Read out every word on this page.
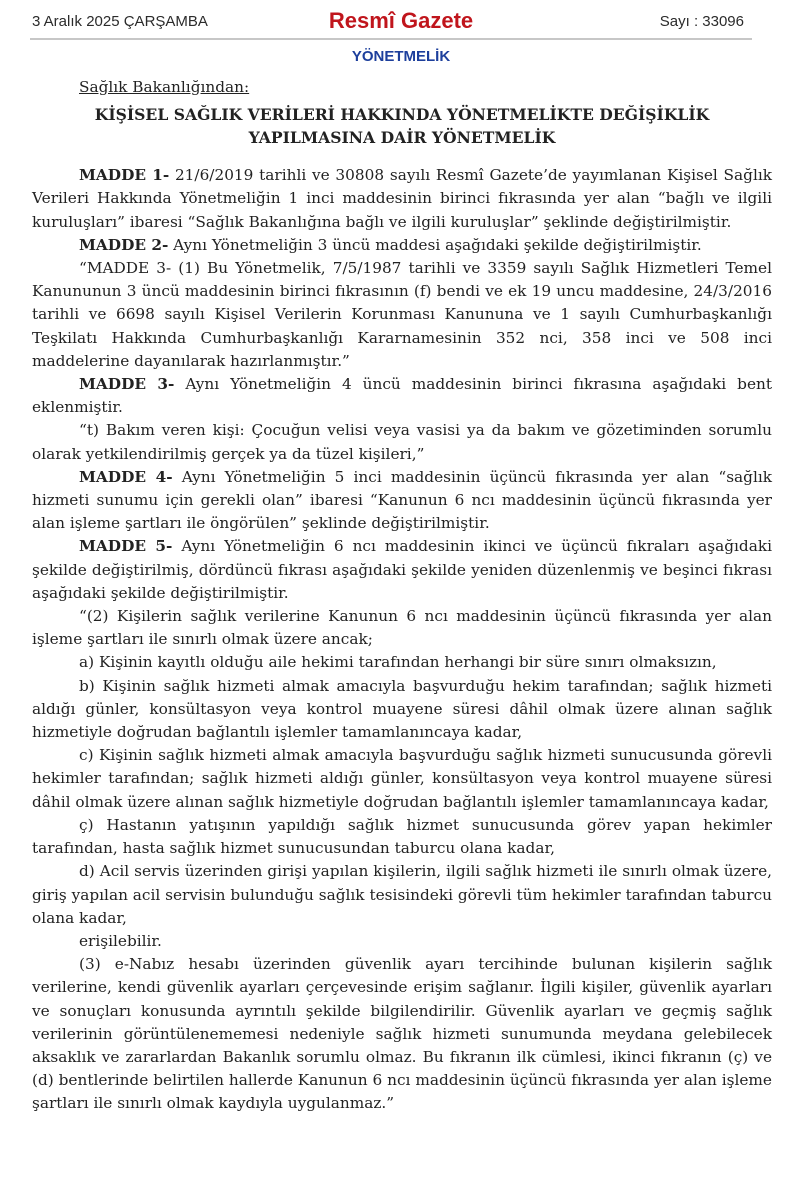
3 Aralık 2025 ÇARŞAMBA	Resmî Gazete	Sayı : 33096
YÖNETMELİK
Sağlık Bakanlığından:
KİŞİSEL SAĞLIK VERİLERİ HAKKINDA YÖNETMELİKTE DEĞİŞİKLİK YAPILMASINA DAİR YÖNETMELİK
MADDE 1- 21/6/2019 tarihli ve 30808 sayılı Resmî Gazete’de yayımlanan Kişisel Sağlık Verileri Hakkında Yönetmeliğin 1 inci maddesinin birinci fıkrasında yer alan “bağlı ve ilgili kuruluşları” ibaresi “Sağlık Bakanlığına bağlı ve ilgili kuruluşlar” şeklinde değiştirilmiştir.
MADDE 2- Aynı Yönetmeliğin 3 üncü maddesi aşağıdaki şekilde değiştirilmiştir.
“MADDE 3- (1) Bu Yönetmelik, 7/5/1987 tarihli ve 3359 sayılı Sağlık Hizmetleri Temel Kanununun 3 üncü maddesinin birinci fıkrasının (f) bendi ve ek 19 uncu maddesine, 24/3/2016 tarihli ve 6698 sayılı Kişisel Verilerin Korunması Kanununa ve 1 sayılı Cumhurbaşkanlığı Teşkilatı Hakkında Cumhurbaşkanlığı Kararnamesinin 352 nci, 358 inci ve 508 inci maddelerine dayanılarak hazırlanmıştır.”
MADDE 3- Aynı Yönetmeliğin 4 üncü maddesinin birinci fıkrasına aşağıdaki bent eklenmiştir.
“t) Bakım veren kişi: Çocuğun velisi veya vasisi ya da bakım ve gözetiminden sorumlu olarak yetkilendirilmiş gerçek ya da tüzel kişileri,”
MADDE 4- Aynı Yönetmeliğin 5 inci maddesinin üçüncü fıkrasında yer alan “sağlık hizmeti sunumu için gerekli olan” ibaresi “Kanunun 6 ncı maddesinin üçüncü fıkrasında yer alan işleme şartları ile öngörülen” şeklinde değiştirilmiştir.
MADDE 5- Aynı Yönetmeliğin 6 ncı maddesinin ikinci ve üçüncü fıkraları aşağıdaki şekilde değiştirilmiş, dördüncü fıkrası aşağıdaki şekilde yeniden düzenlenmiş ve beşinci fıkrası aşağıdaki şekilde değiştirilmiştir.
“(2) Kişilerin sağlık verilerine Kanunun 6 ncı maddesinin üçüncü fıkrasında yer alan işleme şartları ile sınırlı olmak üzere ancak;
a) Kişinin kayıtlı olduğu aile hekimi tarafından herhangi bir süre sınırı olmaksızın,
b) Kişinin sağlık hizmeti almak amacıyla başvurduğu hekim tarafından; sağlık hizmeti aldığı günler, konsültasyon veya kontrol muayene süresi dâhil olmak üzere alınan sağlık hizmetiyle doğrudan bağlantılı işlemler tamamlanıncaya kadar,
c) Kişinin sağlık hizmeti almak amacıyla başvurduğu sağlık hizmeti sunucusunda görevli hekimler tarafından; sağlık hizmeti aldığı günler, konsültasyon veya kontrol muayene süresi dâhil olmak üzere alınan sağlık hizmetiyle doğrudan bağlantılı işlemler tamamlanıncaya kadar,
ç) Hastanın yatışının yapıldığı sağlık hizmet sunucusunda görev yapan hekimler tarafından, hasta sağlık hizmet sunucusundan taburcu olana kadar,
d) Acil servis üzerinden girişi yapılan kişilerin, ilgili sağlık hizmeti ile sınırlı olmak üzere, giriş yapılan acil servisin bulunduğu sağlık tesisindeki görevli tüm hekimler tarafından taburcu olana kadar,
erişilebilir.
(3) e-Nabız hesabı üzerinden güvenlik ayarı tercihinde bulunan kişilerin sağlık verilerine, kendi güvenlik ayarları çerçevesinde erişim sağlanır. İlgili kişiler, güvenlik ayarları ve sonuçları konusunda ayrıntılı şekilde bilgilendirilir. Güvenlik ayarları ve geçmiş sağlık verilerinin görüntülenememesi nedeniyle sağlık hizmeti sunumunda meydana gelebilecek aksaklık ve zararlardan Bakanlık sorumlu olmaz. Bu fıkranın ilk cümlesi, ikinci fıkranın (ç) ve (d) bentlerinde belirtilen hallerde Kanunun 6 ncı maddesinin üçüncü fıkrasında yer alan işleme şartları ile sınırlı olmak kaydıyla uygulanmaz.”
